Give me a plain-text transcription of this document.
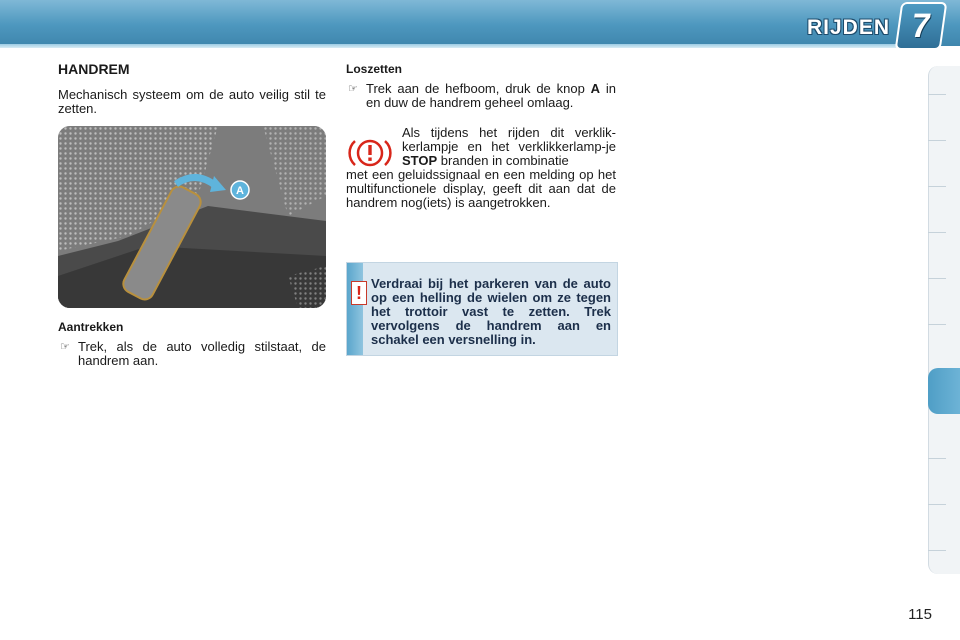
RIJDEN 7
HANDREM

Mechanisch systeem om de auto veilig stil te zetten.

A
Aantrekken
☞ Trek, als de auto volledig stilstaat, de handrem aan.
Loszetten
☞ Trek aan de hefboom, druk de knop A in en duw de handrem geheel omlaag.

Als tijdens het rijden dit verklik-kerlampje en het verklikkerlamp-je STOP branden in combinatie

met een geluidssignaal en een melding op het multifunctionele display, geeft dit aan dat de handrem nog(iets) is aangetrokken.

! Verdraai bij het parkeren van de auto op een helling de wielen om ze tegen het trottoir vast te zetten. Trek vervolgens de handrem aan en schakel een versnelling in.
115
